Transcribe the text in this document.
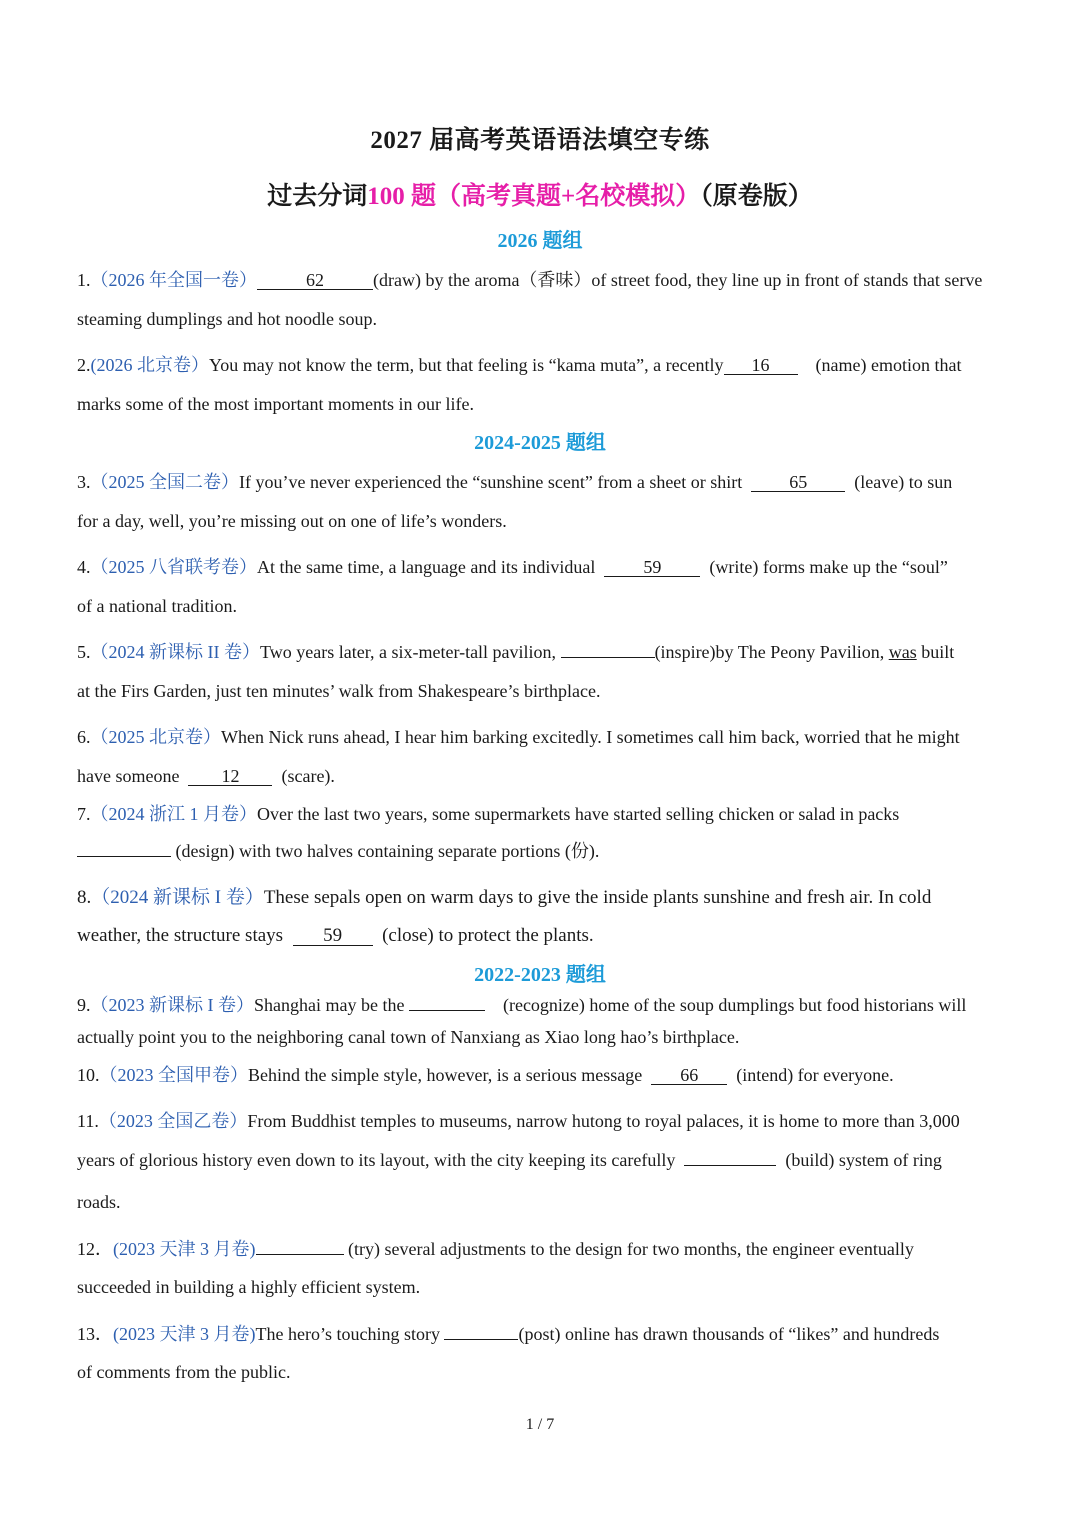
2027 届高考英语语法填空专练
过去分词100 题（高考真题+名校模拟）（原卷版）
2026 题组
1.（2026 年全国一卷）	62	(draw) by the aroma（香味）of street food, they line up in front of stands that serve
steaming dumplings and hot noodle soup.
2.(2026 北京卷）You may not know the term, but that feeling is “kama muta”, a recently 16	(name) emotion that
marks some of the most important moments in our life.
2024-2025 题组
3.（2025 全国二卷）If you’ve never experienced the “sunshine scent” from a sheet or shirt	65	(leave) to sun
for a day, well, you’re missing out on one of life’s wonders.
4.（2025 八省联考卷）At the same time, a language and its individual	59	(write) forms make up the “soul”
of a national tradition.
5.（2024 新课标 II 卷）Two years later, a six-meter-tall pavilion,	(inspire)by The Peony Pavilion, was built
at the Firs Garden, just ten minutes’ walk from Shakespeare’s birthplace.
6.（2025 北京卷）When Nick runs ahead, I hear him barking excitedly. I sometimes call him back, worried that he might
have someone 12 (scare).
7.（2024 浙江 1 月卷）Over the last two years, some supermarkets have started selling chicken or salad in packs
(design) with two halves containing separate portions (份).
8.（2024 新课标 I 卷）These sepals open on warm days to give the inside plants sunshine and fresh air. In cold
weather, the structure stays 59 (close) to protect the plants.
2022-2023 题组
9.（2023 新课标 I 卷）Shanghai may be the	(recognize) home of the soup dumplings but food historians will
actually point you to the neighboring canal town of Nanxiang as Xiao long hao’s birthplace.
10.（2023 全国甲卷）Behind the simple style, however, is a serious message 66 (intend) for everyone.
11.（2023 全国乙卷）From Buddhist temples to museums, narrow hutong to royal palaces, it is home to more than 3,000
years of glorious history even down to its layout, with the city keeping its carefully	(build) system of ring
roads.
12．(2023 天津 3 月卷)	(try) several adjustments to the design for two months, the engineer eventually
succeeded in building a highly efficient system.
13．(2023 天津 3 月卷)The hero’s touching story	(post) online has drawn thousands of “likes” and hundreds
of comments from the public.
1 / 7
